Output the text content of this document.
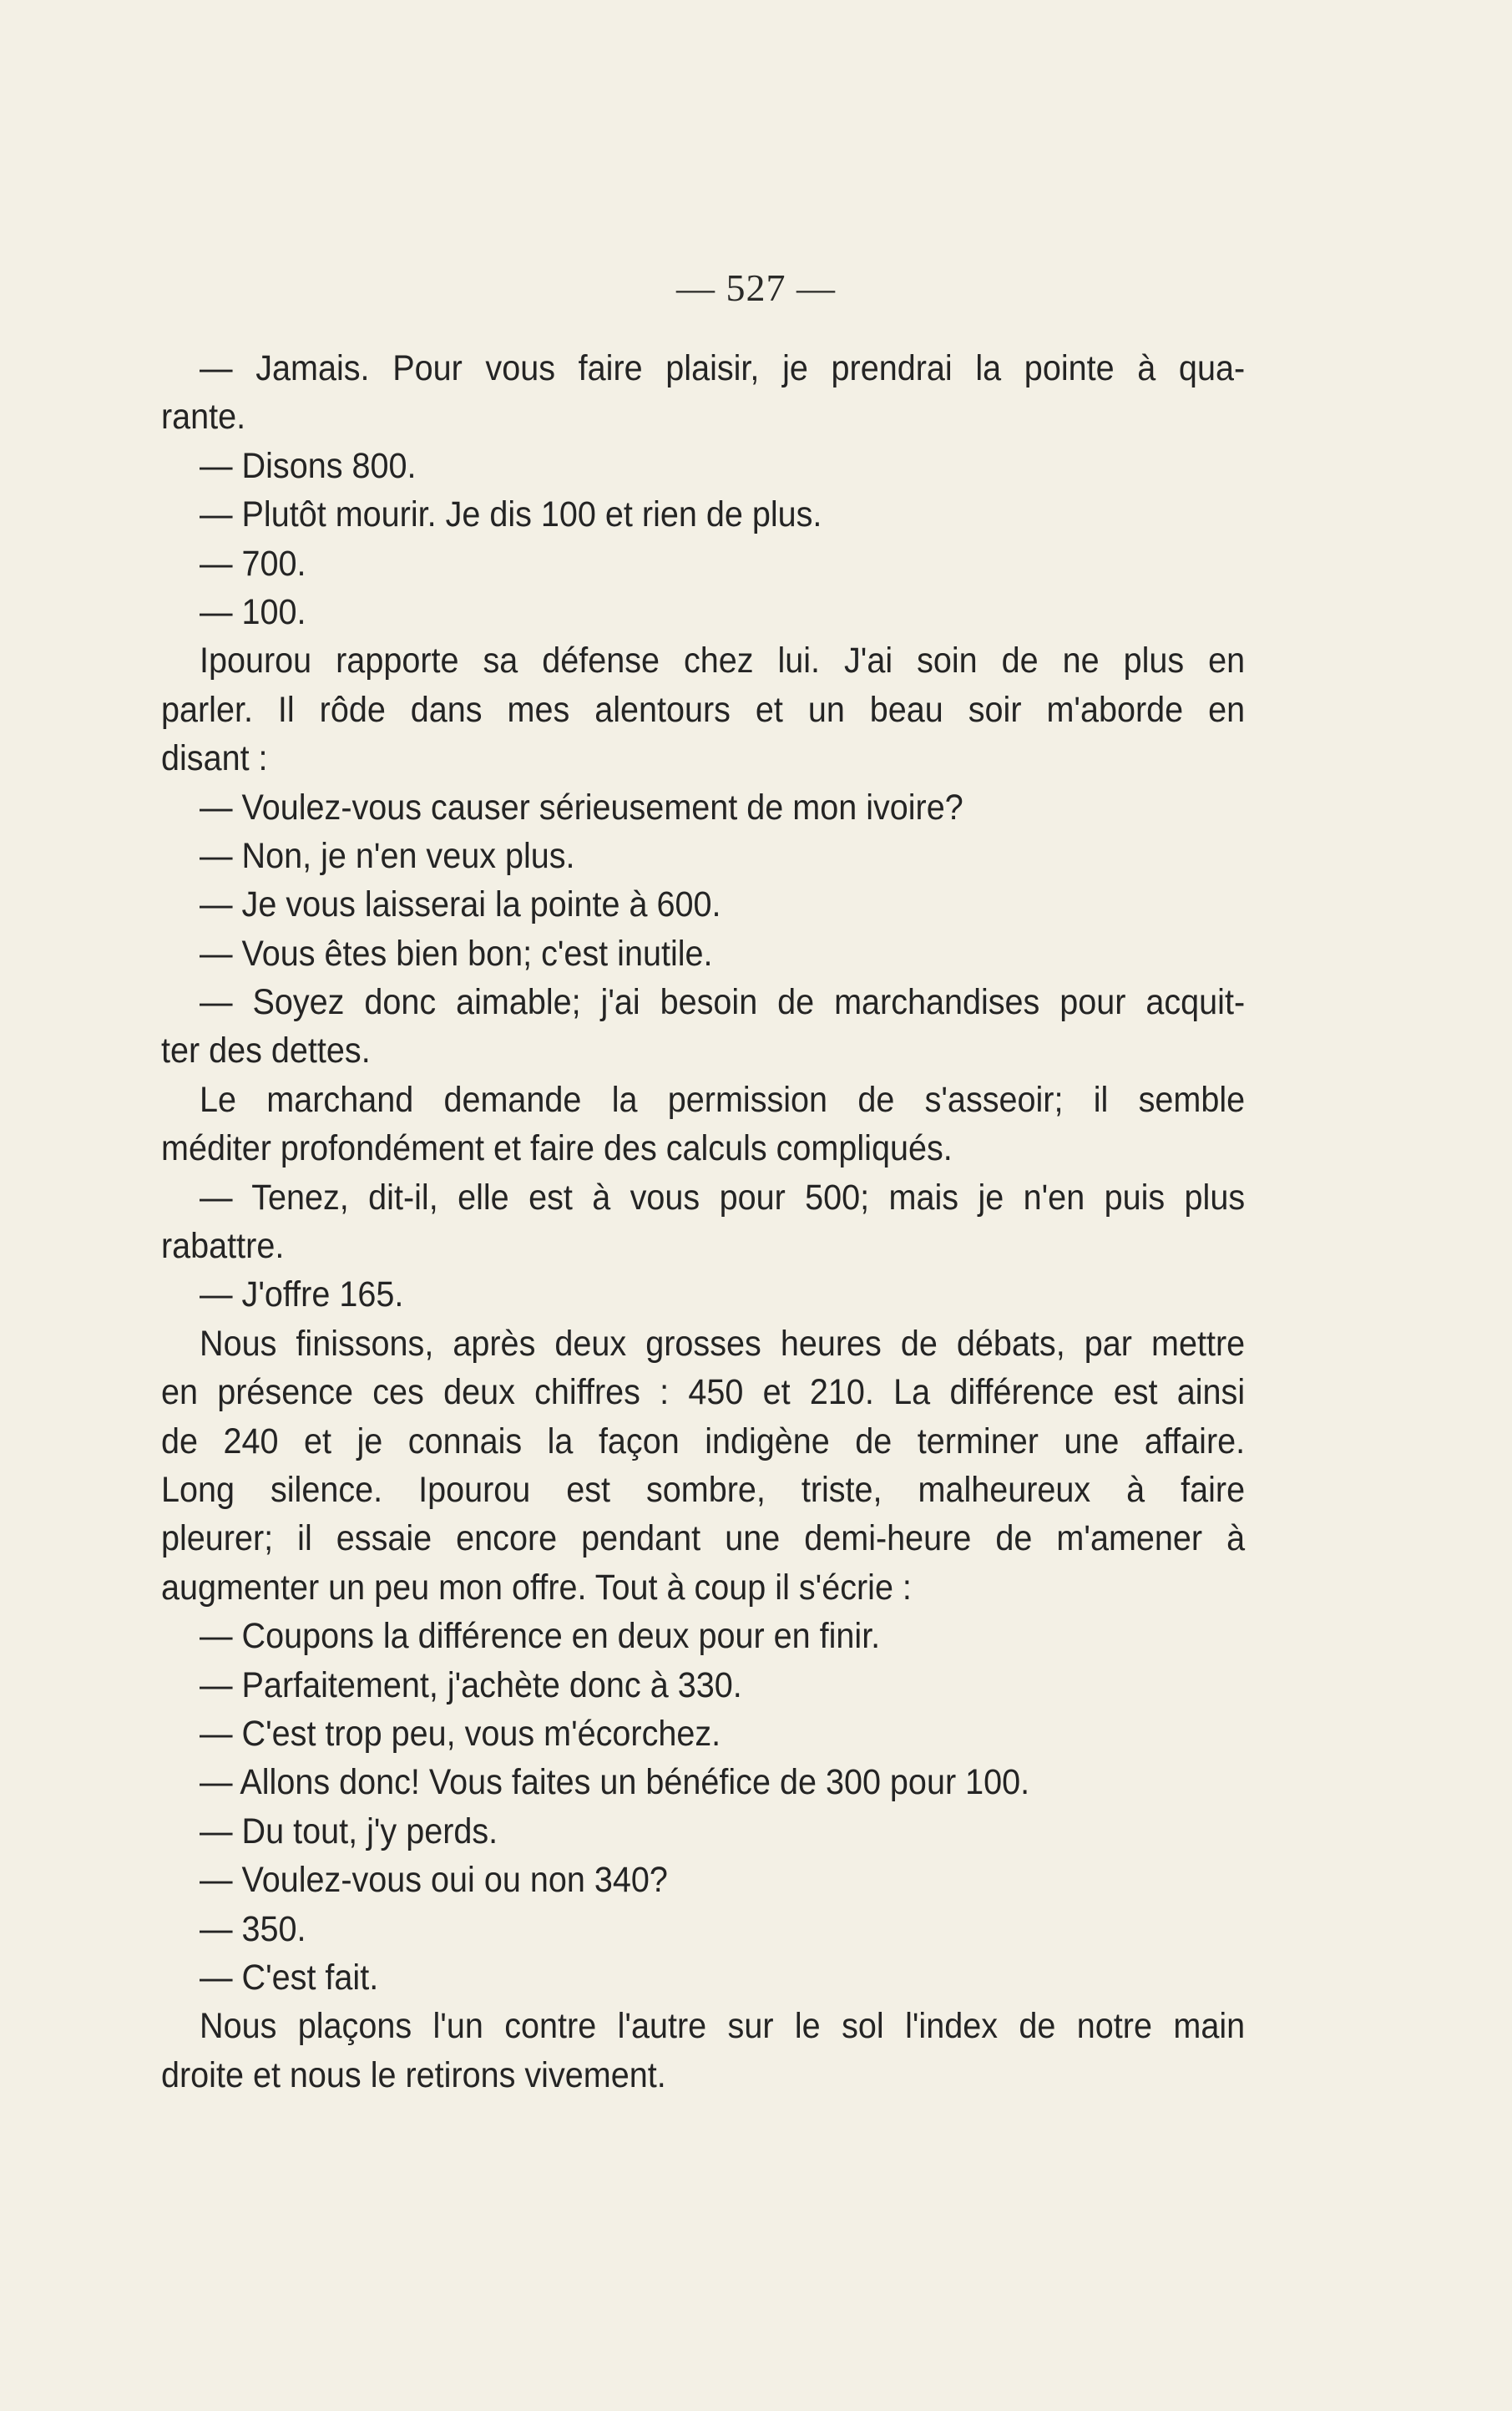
— 527 —
— Jamais. Pour vous faire plaisir, je prendrai la pointe à qua-
rante.
— Disons 800.
— Plutôt mourir. Je dis 100 et rien de plus.
— 700.
— 100.
Ipourou rapporte sa défense chez lui. J'ai soin de ne plus en
parler. Il rôde dans mes alentours et un beau soir m'aborde en
disant :
— Voulez-vous causer sérieusement de mon ivoire?
— Non, je n'en veux plus.
— Je vous laisserai la pointe à 600.
— Vous êtes bien bon; c'est inutile.
— Soyez donc aimable; j'ai besoin de marchandises pour acquit-
ter des dettes.
Le marchand demande la permission de s'asseoir; il semble
méditer profondément et faire des calculs compliqués.
— Tenez, dit-il, elle est à vous pour 500; mais je n'en puis plus
rabattre.
— J'offre 165.
Nous finissons, après deux grosses heures de débats, par mettre
en présence ces deux chiffres : 450 et 210. La différence est ainsi
de 240 et je connais la façon indigène de terminer une affaire.
Long silence. Ipourou est sombre, triste, malheureux à faire
pleurer; il essaie encore pendant une demi-heure de m'amener à
augmenter un peu mon offre. Tout à coup il s'écrie :
— Coupons la différence en deux pour en finir.
— Parfaitement, j'achète donc à 330.
— C'est trop peu, vous m'écorchez.
— Allons donc! Vous faites un bénéfice de 300 pour 100.
— Du tout, j'y perds.
— Voulez-vous oui ou non 340?
— 350.
— C'est fait.
Nous plaçons l'un contre l'autre sur le sol l'index de notre main
droite et nous le retirons vivement.
